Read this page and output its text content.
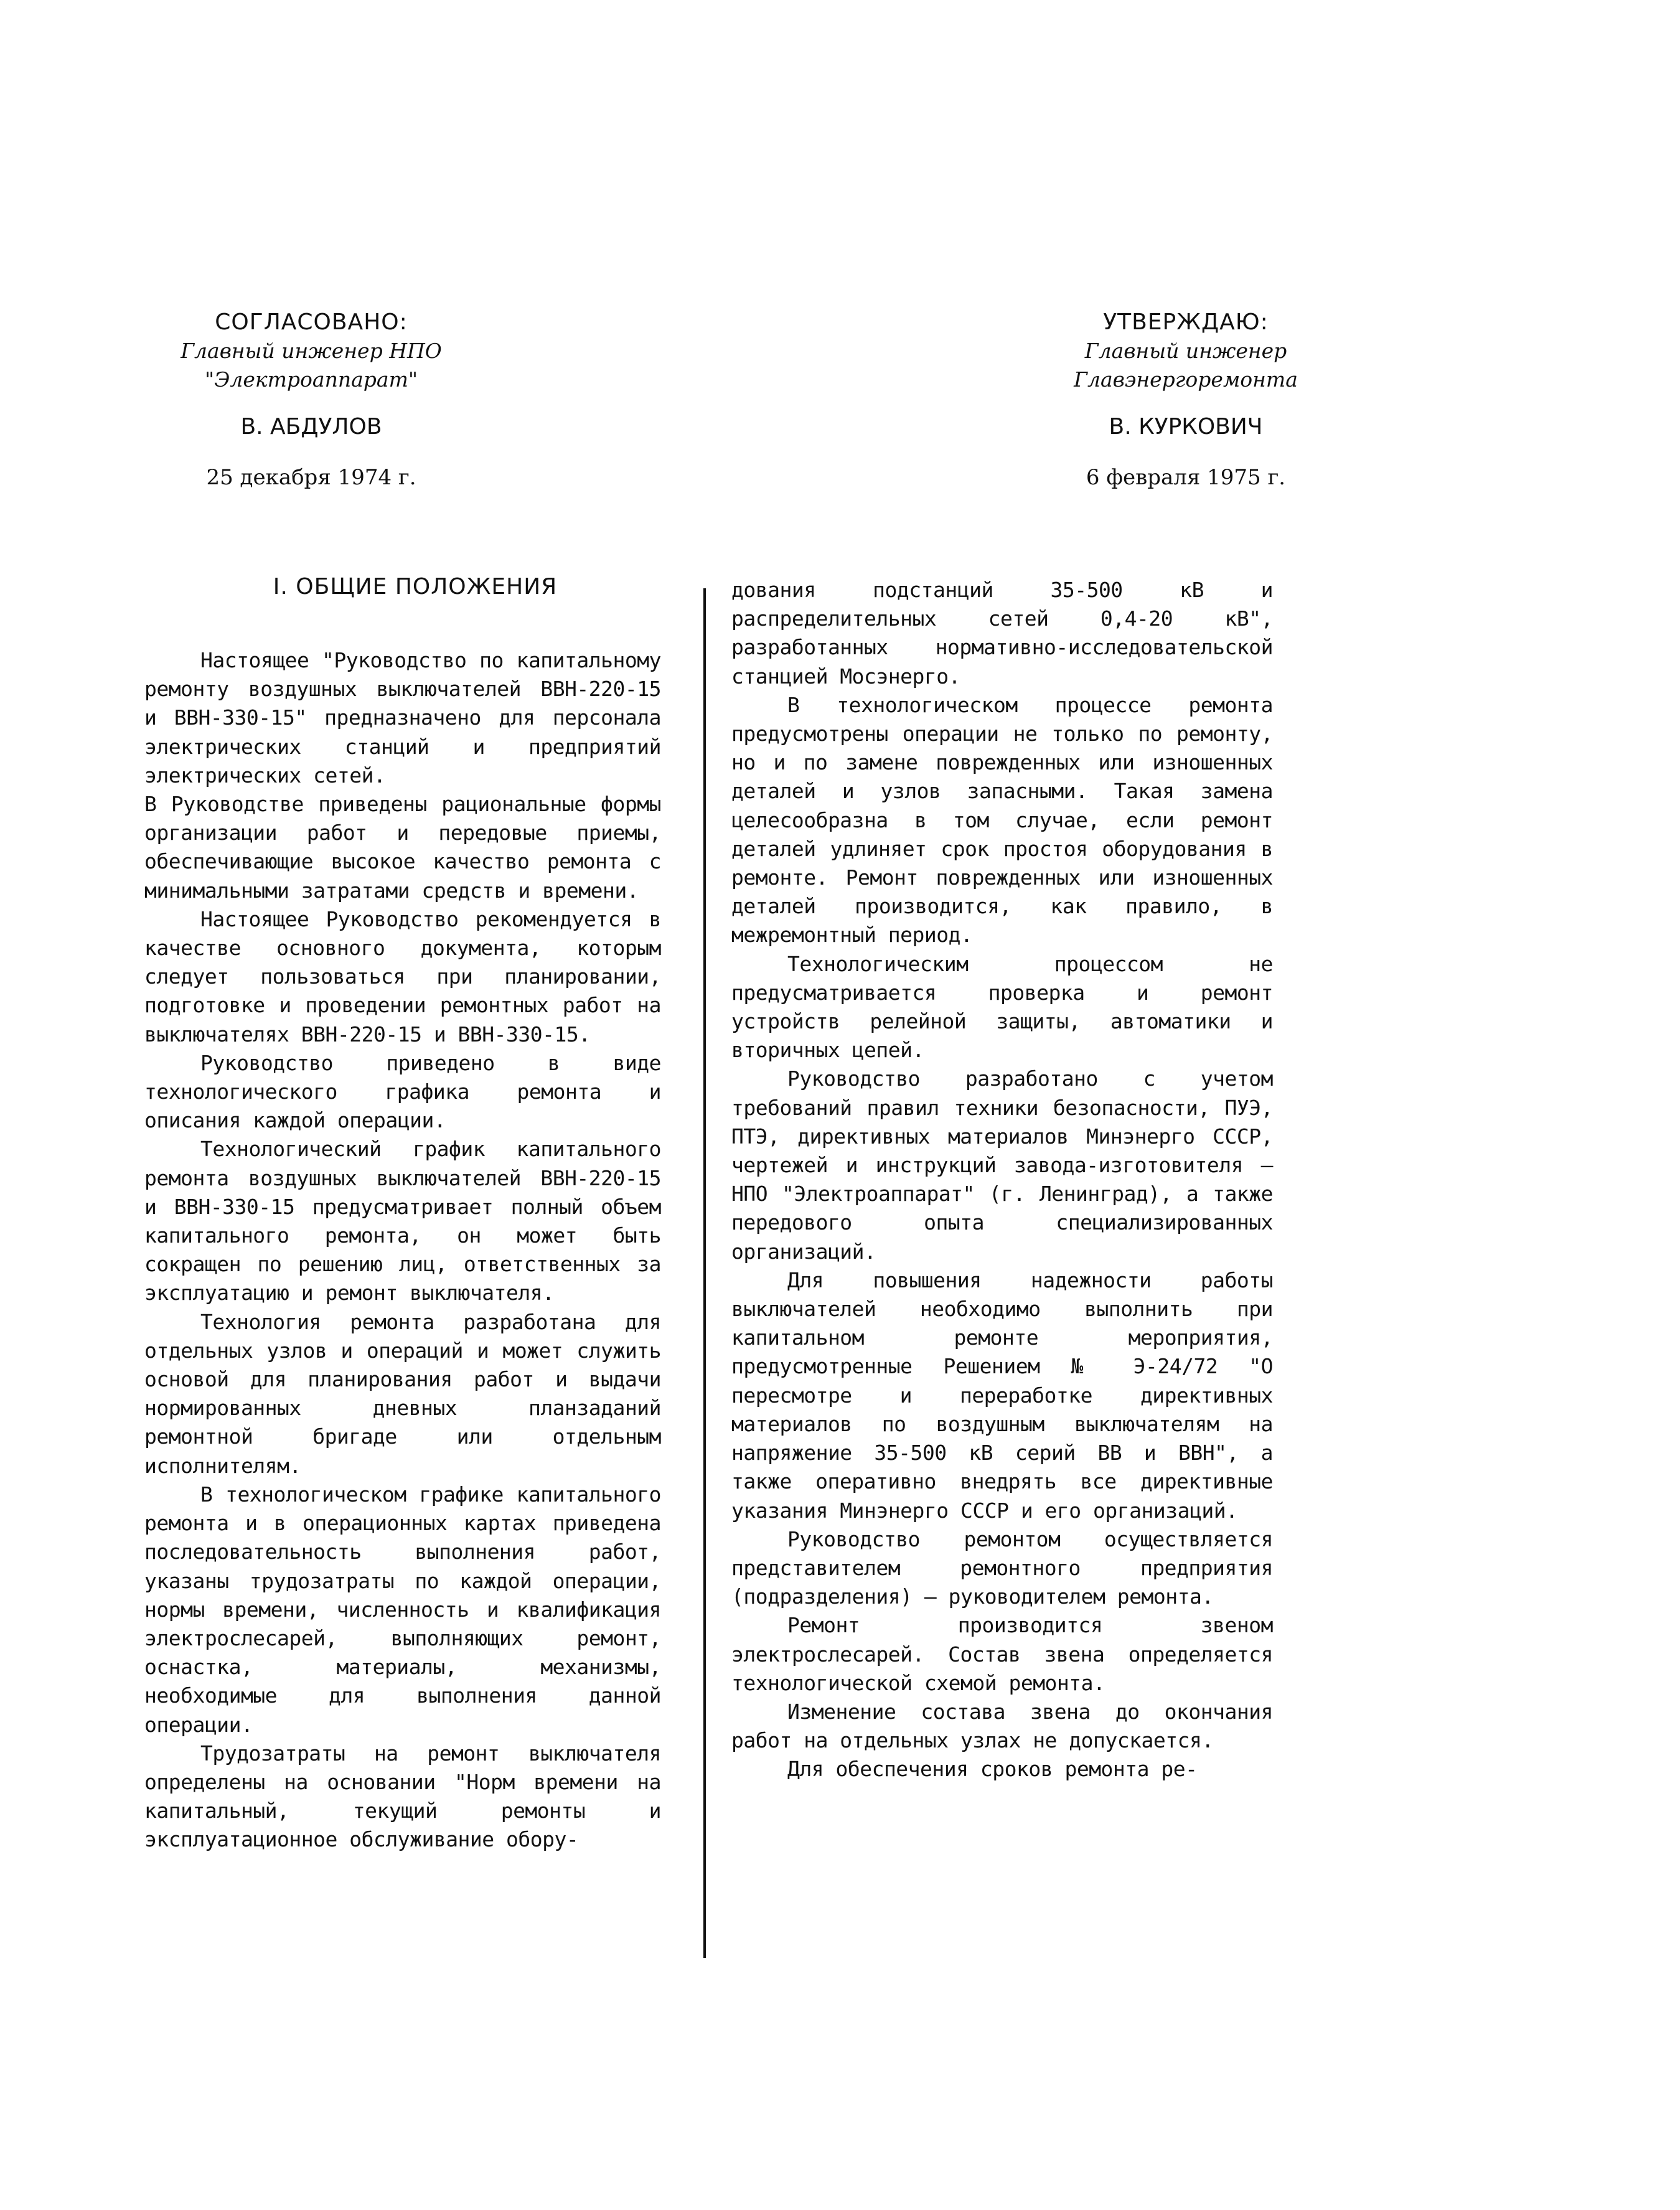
СОГЛАСОВАНО:
Главный инженер НПО
"Электроаппарат"
В. АБДУЛОВ
25 декабря 1974 г.
УТВЕРЖДАЮ:
Главный инженер
Главэнергоремонта
В. КУРКОВИЧ
6 февраля 1975 г.
I. ОБЩИЕ ПОЛОЖЕНИЯ

Настоящее "Руководство по капитальному ремонту воздушных выключателей ВВН-220-15 и ВВН-330-15" предназначено для персонала электрических станций и предприятий электрических сетей.

В Руководстве приведены рациональные формы организации работ и передовые приемы, обеспечивающие высокое качество ремонта с минимальными затратами средств и времени.

Настоящее Руководство рекомендуется в качестве основного документа, которым следует пользоваться при планировании, подготовке и проведении ремонтных работ на выключателях ВВН-220-15 и ВВН-330-15.

Руководство приведено в виде технологического графика ремонта и описания каждой операции.

Технологический график капитального ремонта воздушных выключателей ВВН-220-15 и ВВН-330-15 предусматривает полный объем капитального ремонта, он может быть сокращен по решению лиц, ответственных за эксплуатацию и ремонт выключателя.

Технология ремонта разработана для отдельных узлов и операций и может служить основой для планирования работ и выдачи нормированных дневных планзаданий ремонтной бригаде или отдельным исполнителям.

В технологическом графике капитального ремонта и в операционных картах приведена последовательность выполнения работ, указаны трудозатраты по каждой операции, нормы времени, численность и квалификация электрослесарей, выполняющих ремонт, оснастка, материалы, механизмы, необходимые для выполнения данной операции.

Трудозатраты на ремонт выключателя определены на основании "Норм времени на капитальный, текущий ремонты и эксплуатационное обслуживание обору-

дования подстанций 35-500 кВ и распределительных сетей 0,4-20 кВ", разработанных нормативно-исследовательской станцией Мосэнерго.

В технологическом процессе ремонта предусмотрены операции не только по ремонту, но и по замене поврежденных или изношенных деталей и узлов запасными. Такая замена целесообразна в том случае, если ремонт деталей удлиняет срок простоя оборудования в ремонте. Ремонт поврежденных или изношенных деталей производится, как правило, в межремонтный период.

Технологическим процессом не предусматривается проверка и ремонт устройств релейной защиты, автоматики и вторичных цепей.

Руководство разработано с учетом требований правил техники безопасности, ПУЭ, ПТЭ, директивных материалов Минэнерго СССР, чертежей и инструкций завода-изготовителя — НПО "Электроаппарат" (г. Ленинград), а также передового опыта специализированных организаций.

Для повышения надежности работы выключателей необходимо выполнить при капитальном ремонте мероприятия, предусмотренные Решением № Э-24/72 "О пересмотре и переработке директивных материалов по воздушным выключателям на напряжение 35-500 кВ серий ВВ и ВВН", а также оперативно внедрять все директивные указания Минэнерго СССР и его организаций.

Руководство ремонтом осуществляется представителем ремонтного предприятия (подразделения) — руководителем ремонта.

Ремонт производится звеном электрослесарей. Состав звена определяется технологической схемой ремонта.

Изменение состава звена до окончания работ на отдельных узлах не допускается.

Для обеспечения сроков ремонта ре-
